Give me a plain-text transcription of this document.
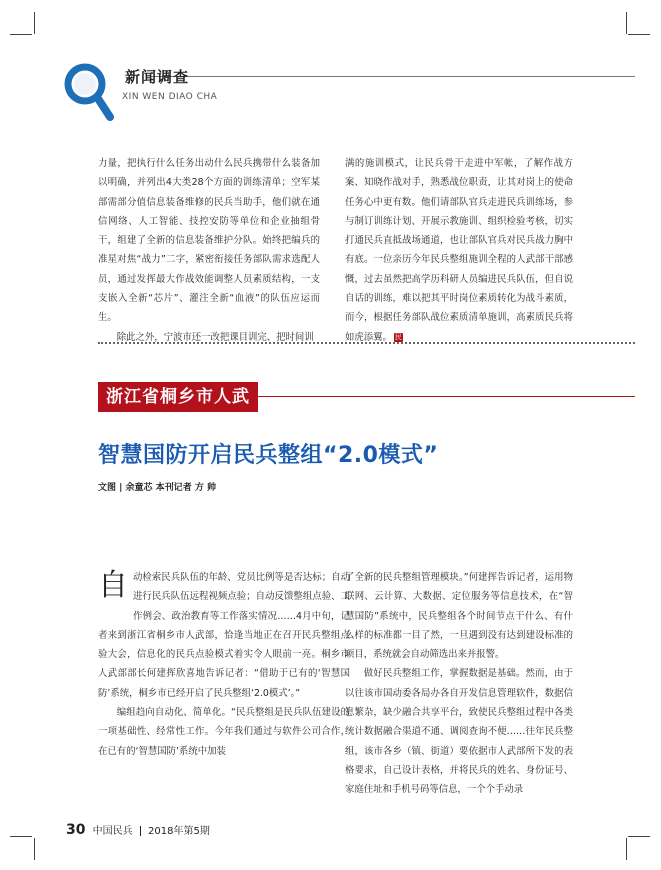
新闻调查
XIN WEN DIAO CHA

力量，把执行什么任务出动什么民兵携带什么装备加以明确，并列出4大类28个方面的训练清单；空军某部需部分值信息装备维修的民兵当助手，他们就在通信网络、人工智能、技控安防等单位和企业抽组骨干，组建了全新的信息装备维护分队。始终把编兵的准星对焦“战力”二字，紧密衔接任务部队需求选配人员，通过发挥最大作战效能调整人员素质结构，一支支嵌入全新“芯片”、灌注全新“血液”的队伍应运而生。

除此之外，宁波市还一改把课目训完、把时间训

满的施训模式，让民兵骨干走进中军帐，了解作战方案、知晓作战对手，熟悉战位职责，让其对岗上的使命任务心中更有数。他们请部队官兵走进民兵训练场，参与制订训练计划、开展示教施训、组织检验考核，切实打通民兵直抵战场通道，也让部队官兵对民兵战力胸中有底。一位亲历今年民兵整组施训全程的人武部干部感慨，过去虽然把高学历科研人员编进民兵队伍，但自说自话的训练，难以把其平时岗位素质转化为战斗素质，而今，根据任务部队战位素质清单施训，高素质民兵将如虎添翼。 民

浙江省桐乡市人武部
智慧国防开启民兵整组“2.0模式”
文图 | 余童芯 本刊记者 方 帅
自 动检索民兵队伍的年龄、党员比例等是否达标；自动进行民兵队伍远程视频点验；自动反馈整组点验、工作例会、政治教育等工作落实情况……4月中旬，记者来到浙江省桐乡市人武部，恰逢当地正在召开民兵整组点验大会，信息化的民兵点验模式着实令人眼前一亮。桐乡市人武部部长何建挥欣喜地告诉记者：“借助于已有的‘智慧国防’系统，桐乡市已经开启了民兵整组‘2.0模式’。”

编组趋向自动化、简单化。“民兵整组是民兵队伍建设的一项基础性、经常性工作。今年我们通过与软件公司合作，在已有的‘智慧国防’系统中加装

了全新的民兵整组管理模块。”何建挥告诉记者，运用物联网、云计算、大数据、定位服务等信息技术，在“智慧国防”系统中，民兵整组各个时间节点干什么、有什么样的标准都一目了然，一旦遇到没有达到建设标准的项目，系统就会自动筛选出来并报警。

做好民兵整组工作，掌握数据是基础。然而，由于以往该市国动委各局办各自开发信息管理软件，数据信息繁杂，缺少融合共享平台，致使民兵整组过程中各类统计数据融合渠道不通、调阅查询不便……往年民兵整组，该市各乡（镇、街道）要依据市人武部所下发的表格要求，自己设计表格，并将民兵的姓名、身份证号、家庭住址和手机号码等信息，一个个手动录

30 中国民兵 2018年第5期
